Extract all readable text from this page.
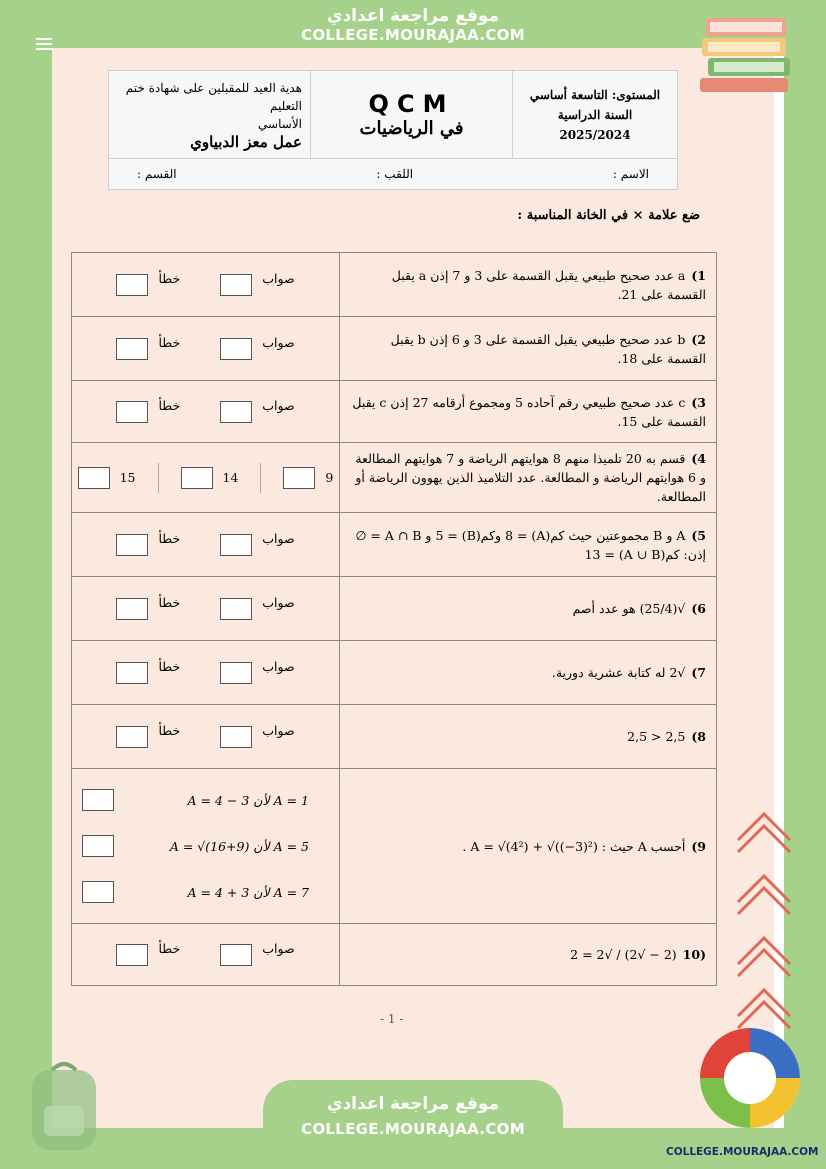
موقع مراجعة اعدادي
COLLEGE.MOURAJAA.COM
هدية العيد للمقبلين على شهادة ختم التعليم
الأساسي
عمل معز الدبياوي

QCM
في الرياضيات

المستوى: التاسعة أساسي
السنة الدراسية 2025/2024

الاسم :
اللقب :
القسم :
ضع علامة × في الخانة المناسبة :
صواب
خطأ	1)a عدد صحيح طبيعي يقبل القسمة على 3 و 7 إذن a يقبل القسمة على 21.

صواب
خطأ	2)b عدد صحيح طبيعي يقبل القسمة على 3 و 6 إذن b يقبل القسمة على 18.

صواب
خطأ	3)c عدد صحيح طبيعي رقم آحاده 5 ومجموع أرقامه 27 إذن c يقبل القسمة على 15.

15 14 9	4)قسم به 20 تلميذا منهم 8 هوايتهم الرياضة و 7 هوايتهم المطالعة و 6 هوايتهم الرياضة و المطالعة. عدد التلاميذ الذين يهوون الرياضة أو المطالعة.

صواب
خطأ	5)A و B مجموعتين حيث كم(A) = 8 وكم(B) = 5 و A ∩ B = ∅ إذن: كم(A ∪ B) = 13

صواب
خطأ	6)√(25/4) هو عدد أصم

صواب
خطأ	7)√2 له كتابة عشرية دورية.

صواب
خطأ	8)2,5 < 2,5̅

A = 1 لأن A = 4 − 3
A = 5 لأن A = √(16+9)
A = 7 لأن A = 4 + 3	9)أحسب A حيث : A = √(4²) + √((−3)²) .

صواب
خطأ	(10(2 − √2) / √2 = 2
- 1 -
COLLEGE.MOURAJAA.COM
موقع مراجعة اعدادي
COLLEGE.MOURAJAA.COM
